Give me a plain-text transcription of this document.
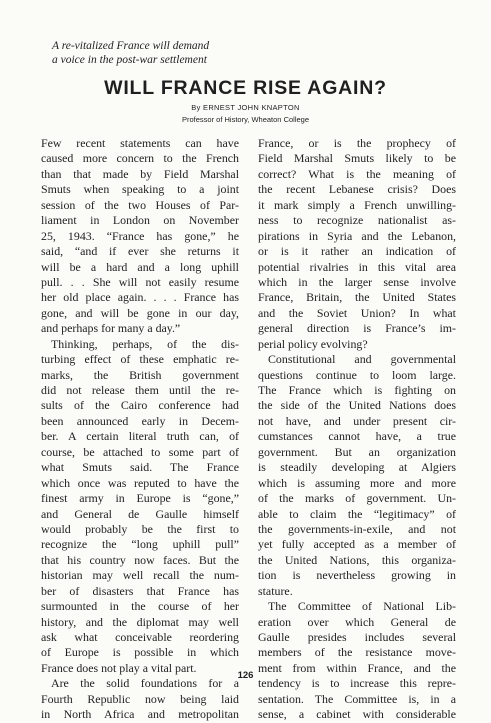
A re-vitalized France will demand
a voice in the post-war settlement
WILL FRANCE RISE AGAIN?
By ERNEST JOHN KNAPTON
Professor of History, Wheaton College
Few recent statements can have
caused more concern to the French
than that made by Field Marshal
Smuts when speaking to a joint
session of the two Houses of Par-
liament in London on November
25, 1943. “France has gone,” he
said, “and if ever she returns it
will be a hard and a long uphill
pull. . . She will not easily resume
her old place again. . . . France has
gone, and will be gone in our day,
and perhaps for many a day.”
Thinking, perhaps, of the dis-
turbing effect of these emphatic re-
marks, the British government
did not release them until the re-
sults of the Cairo conference had
been announced early in Decem-
ber. A certain literal truth can, of
course, be attached to some part of
what Smuts said. The France
which once was reputed to have the
finest army in Europe is “gone,”
and General de Gaulle himself
would probably be the first to
recognize the “long uphill pull”
that his country now faces. But the
historian may well recall the num-
ber of disasters that France has
surmounted in the course of her
history, and the diplomat may well
ask what conceivable reordering
of Europe is possible in which
France does not play a vital part.
Are the solid foundations for a
Fourth Republic now being laid
in North Africa and metropolitan
France, or is the prophecy of
Field Marshal Smuts likely to be
correct? What is the meaning of
the recent Lebanese crisis? Does
it mark simply a French unwilling-
ness to recognize nationalist as-
pirations in Syria and the Lebanon,
or is it rather an indication of
potential rivalries in this vital area
which in the larger sense involve
France, Britain, the United States
and the Soviet Union? In what
general direction is France’s im-
perial policy evolving?
Constitutional and governmental
questions continue to loom large.
The France which is fighting on
the side of the United Nations does
not have, and under present cir-
cumstances cannot have, a true
government. But an organization
is steadily developing at Algiers
which is assuming more and more
of the marks of government. Un-
able to claim the “legitimacy” of
the governments-in-exile, and not
yet fully accepted as a member of
the United Nations, this organiza-
tion is nevertheless growing in
stature.
The Committee of National Lib-
eration over which General de
Gaulle presides includes several
members of the resistance move-
ment from within France, and the
tendency is to increase this repre-
sentation. The Committee is, in a
sense, a cabinet with considerable
126
